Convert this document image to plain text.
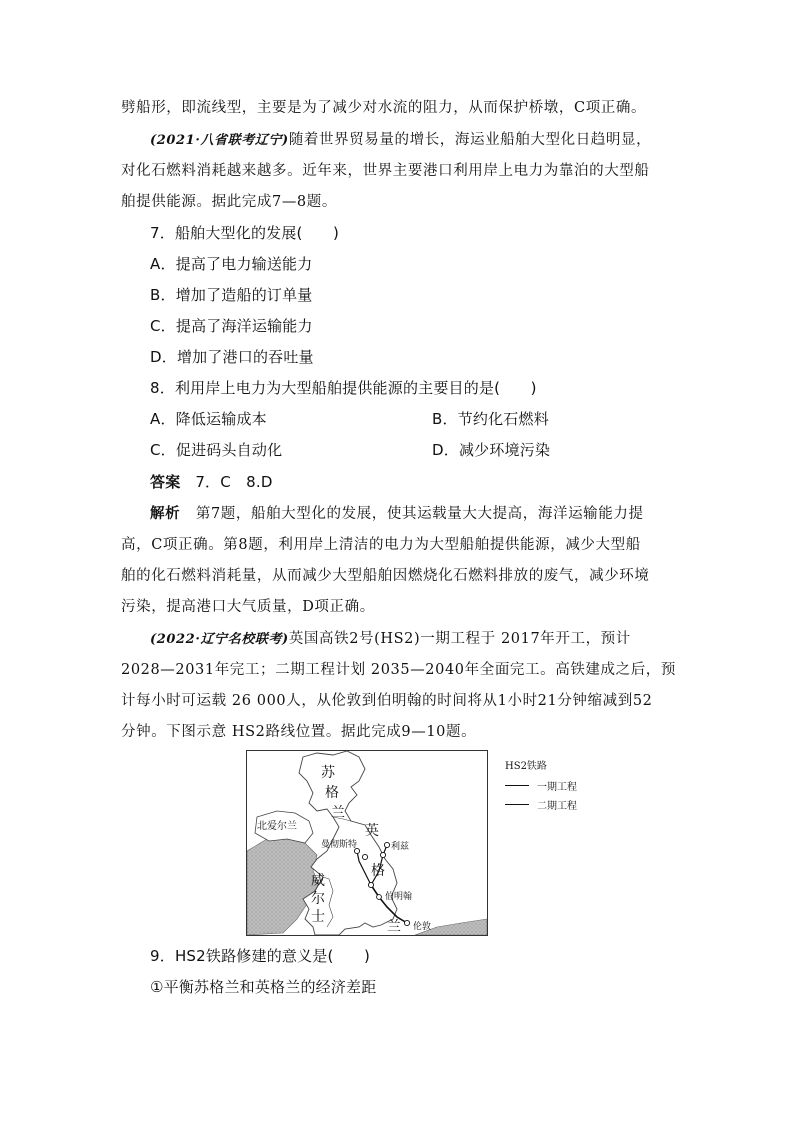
劈船形，即流线型，主要是为了减少对水流的阻力，从而保护桥墩，C项正确。
(2021·八省联考辽宁)随着世界贸易量的增长，海运业船舶大型化日趋明显，
对化石燃料消耗越来越多。近年来，世界主要港口利用岸上电力为靠泊的大型船
舶提供能源。据此完成7—8题。
7．船舶大型化的发展(　　)
A．提高了电力输送能力
B．增加了造船的订单量
C．提高了海洋运输能力
D．增加了港口的吞吐量
8．利用岸上电力为大型船舶提供能源的主要目的是(　　)
A．降低运输成本	B．节约化石燃料
C．促进码头自动化	D．减少环境污染
答案 7．C　8.D
解析 第7题，船舶大型化的发展，使其运载量大大提高，海洋运输能力提
高，C项正确。第8题，利用岸上清洁的电力为大型船舶提供能源，减少大型船
舶的化石燃料消耗量，从而减少大型船舶因燃烧化石燃料排放的废气，减少环境
污染，提高港口大气质量，D项正确。
(2022·辽宁名校联考)英国高铁2号(HS2)一期工程于 2017年开工，预计
2028—2031年完工；二期工程计划 2035—2040年全面完工。高铁建成之后，预
计每小时可运载 26 000人，从伦敦到伯明翰的时间将从1小时21分钟缩减到52
分钟。下图示意 HS2路线位置。据此完成9—10题。
苏
格
兰
北爱尔兰	英
格
兰
威
尔
士
曼彻斯特	利兹
伯明翰
伦敦
HS2铁路
一期工程
二期工程
9．HS2铁路修建的意义是(　　)
①平衡苏格兰和英格兰的经济差距
